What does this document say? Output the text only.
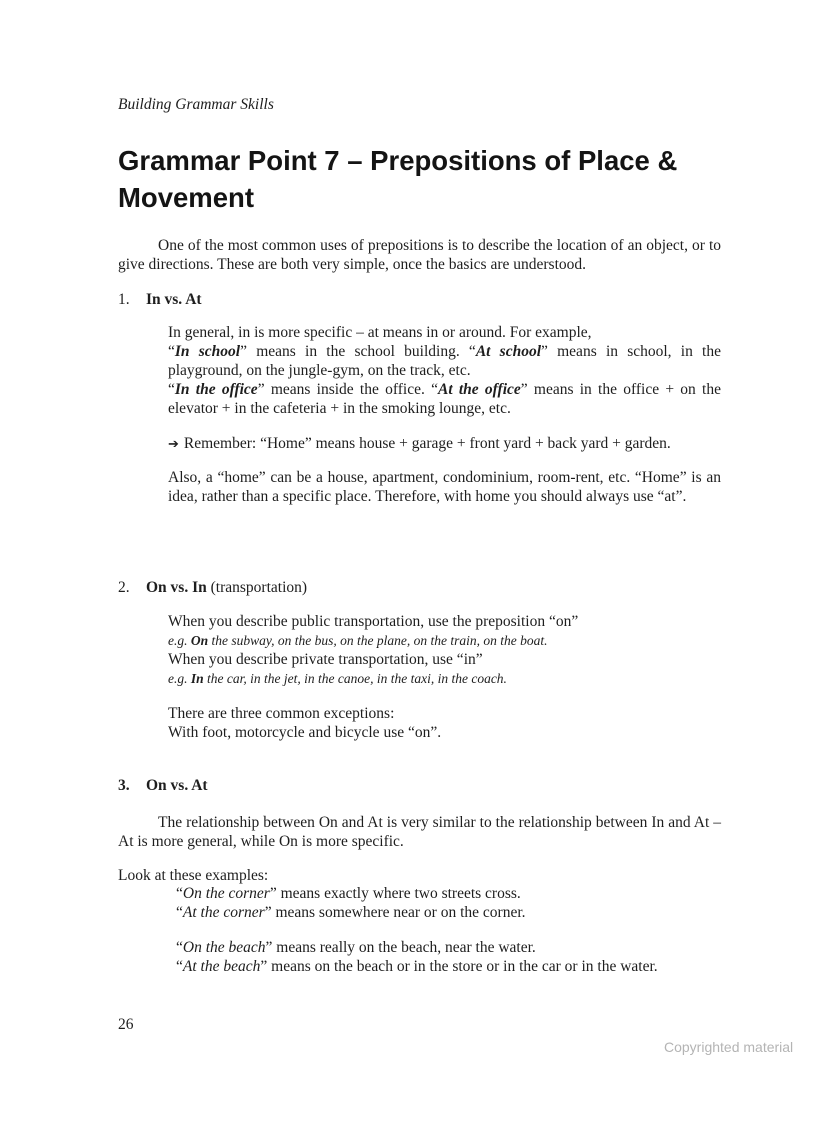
Building Grammar Skills
Grammar Point 7 – Prepositions of Place & Movement
One of the most common uses of prepositions is to describe the location of an object, or to give directions. These are both very simple, once the basics are understood.
1. In vs. At
In general, in is more specific – at means in or around. For example,
“In school” means in the school building. “At school” means in school, in the playground, on the jungle-gym, on the track, etc.
“In the office” means inside the office. “At the office” means in the office + on the elevator + in the cafeteria + in the smoking lounge, etc.
➔ Remember: “Home” means house + garage + front yard + back yard + garden.
Also, a “home” can be a house, apartment, condominium, room-rent, etc. “Home” is an idea, rather than a specific place. Therefore, with home you should always use “at”.
2. On vs. In (transportation)
When you describe public transportation, use the preposition “on”
e.g. On the subway, on the bus, on the plane, on the train, on the boat.
When you describe private transportation, use “in”
e.g. In the car, in the jet, in the canoe, in the taxi, in the coach.
There are three common exceptions:
With foot, motorcycle and bicycle use “on”.
3. On vs. At
The relationship between On and At is very similar to the relationship between In and At – At is more general, while On is more specific.
Look at these examples:
“On the corner” means exactly where two streets cross.
“At the corner” means somewhere near or on the corner.
“On the beach” means really on the beach, near the water.
“At the beach” means on the beach or in the store or in the car or in the water.
26
Copyrighted material
